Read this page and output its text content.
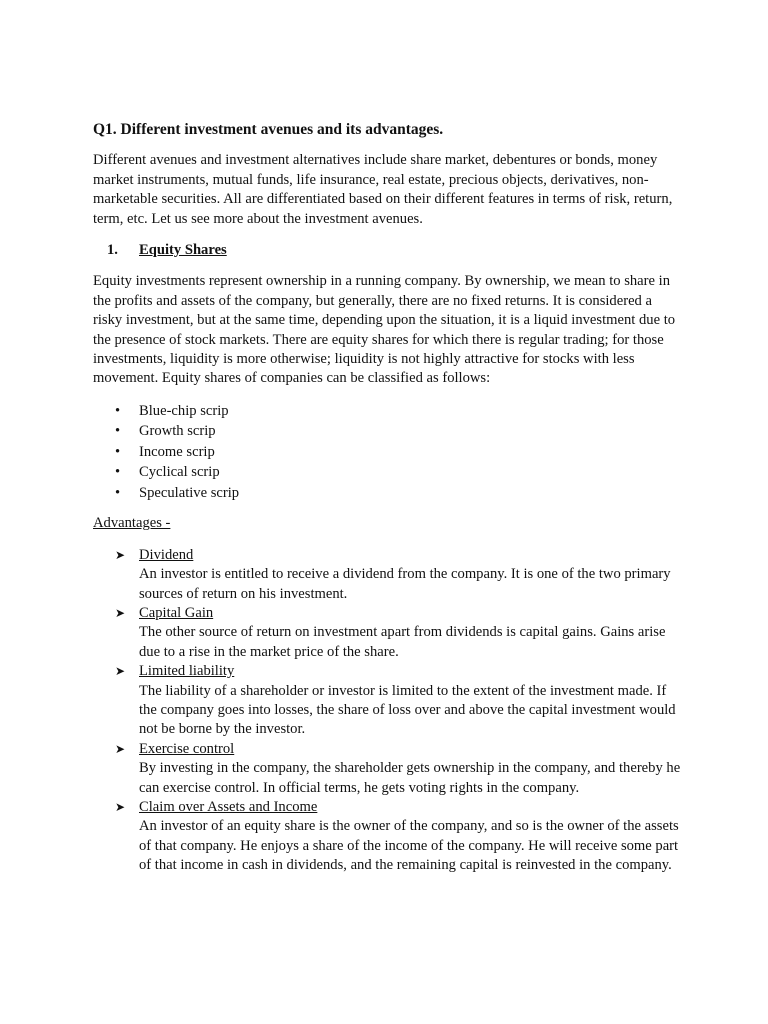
Q1. Different investment avenues and its advantages.

Different avenues and investment alternatives include share market, debentures or bonds, money market instruments, mutual funds, life insurance, real estate, precious objects, derivatives, non-marketable securities. All are differentiated based on their different features in terms of risk, return, term, etc. Let us see more about the investment avenues.

1.	Equity Shares

Equity investments represent ownership in a running company. By ownership, we mean to share in the profits and assets of the company, but generally, there are no fixed returns. It is considered a risky investment, but at the same time, depending upon the situation, it is a liquid investment due to the presence of stock markets. There are equity shares for which there is regular trading; for those investments, liquidity is more otherwise; liquidity is not highly attractive for stocks with less movement. Equity shares of companies can be classified as follows:

•	Blue-chip scrip
•	Growth scrip
•	Income scrip
•	Cyclical scrip
•	Speculative scrip
Advantages -
➤ Dividend

An investor is entitled to receive a dividend from the company. It is one of the two primary sources of return on his investment.

➤ Capital Gain

The other source of return on investment apart from dividends is capital gains. Gains arise due to a rise in the market price of the share.

➤ Limited liability

The liability of a shareholder or investor is limited to the extent of the investment made. If the company goes into losses, the share of loss over and above the capital investment would not be borne by the investor.

➤ Exercise control

By investing in the company, the shareholder gets ownership in the company, and thereby he can exercise control. In official terms, he gets voting rights in the company.

➤ Claim over Assets and Income

An investor of an equity share is the owner of the company, and so is the owner of the assets of that company. He enjoys a share of the income of the company. He will receive some part of that income in cash in dividends, and the remaining capital is reinvested in the company.
